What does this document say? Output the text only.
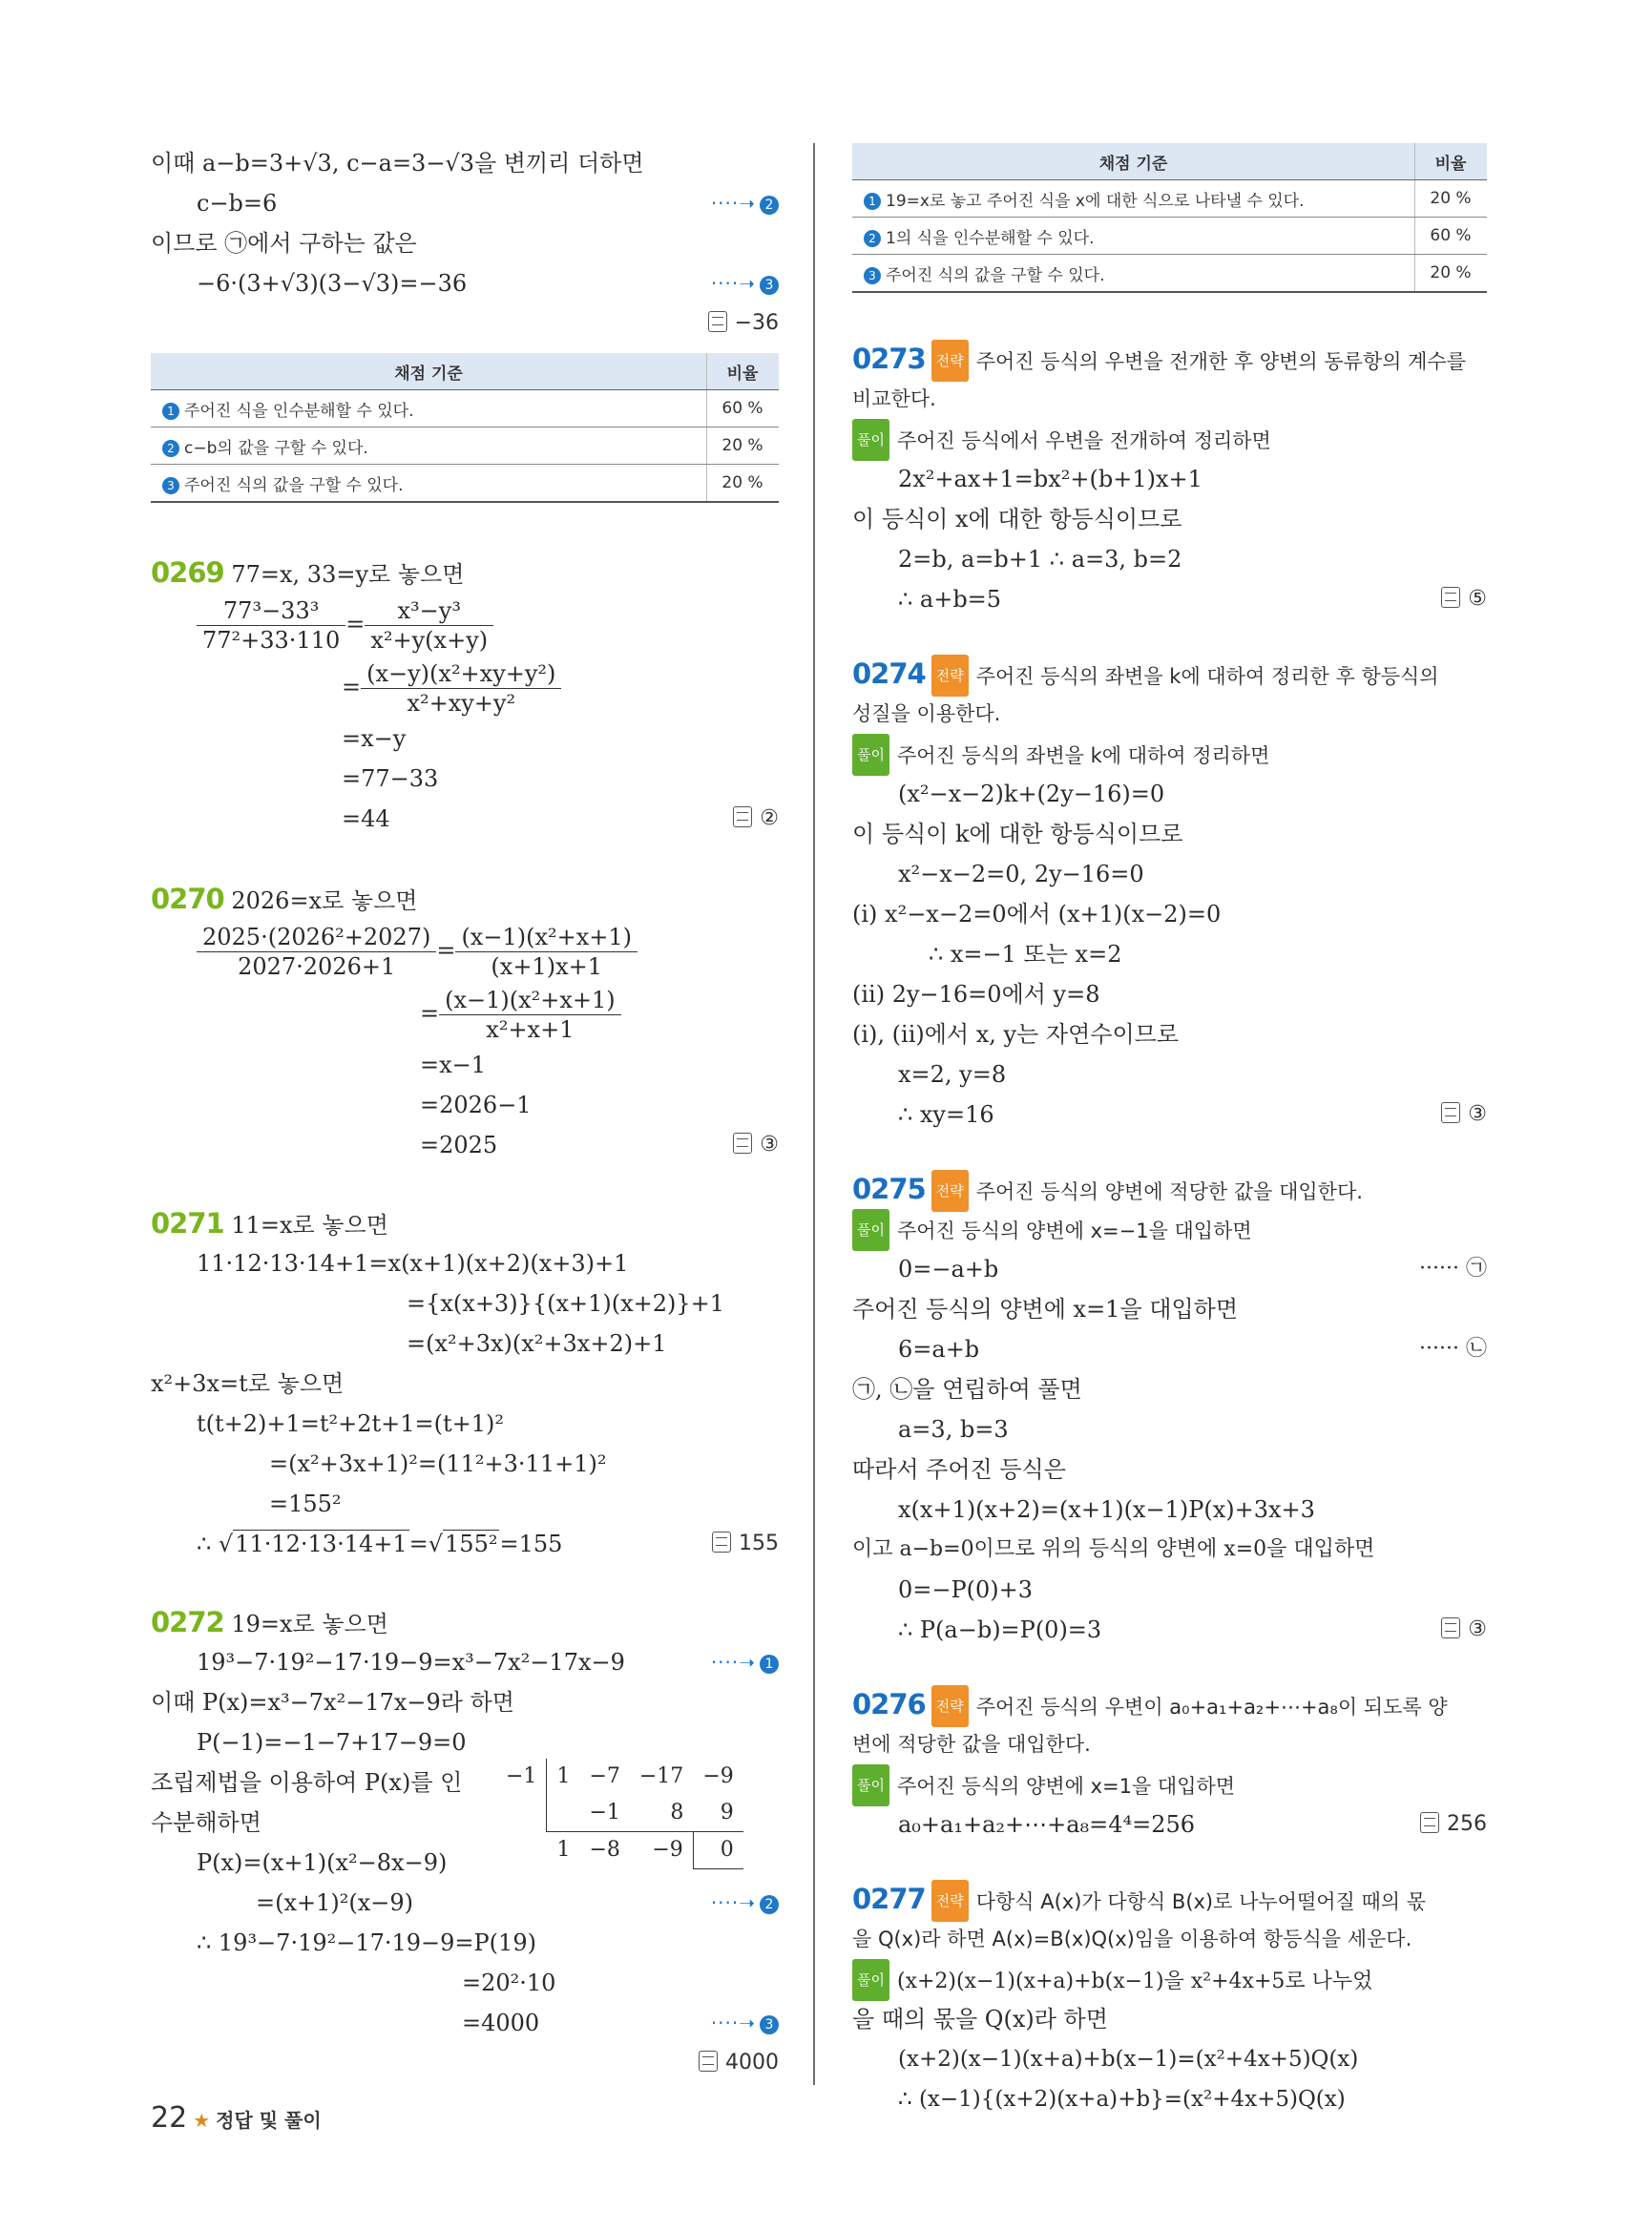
이때 a−b=3+√3, c−a=3−√3을 변끼리 더하면
c−b=6	····➝ 2
이므로 ㉠에서 구하는 값은
−6·(3+√3)(3−√3)=−36	····➝ 3
−36
채점 기준	비율
1 주어진 식을 인수분해할 수 있다.	60 %
2 c−b의 값을 구할 수 있다.	20 %
3 주어진 식의 값을 구할 수 있다.	20 %
0269 77=x, 33=y로 놓으면
$\frac{\text{77³−33³}}{\text{77²+33·110}} = \frac{\text{x³−y³}}{\text{x²+y(x+y)}}$
= $\frac{\text{(x−y)(x²+xy+y²)}}{\text{x²+xy+y²}}$
=x−y
=77−33
=44	②
0270 2026=x로 놓으면
$\frac{\text{2025·(2026²+2027)}}{2027\cdot 2026+1} = \frac{\text{(x−1)(x²+x+1)}}{(x+1)x+1}$
= $\frac{\text{(x−1)(x²+x+1)}}{\text{x²+x+1}}$
=x−1
=2026−1
=2025	③
0271 11=x로 놓으면
11·12·13·14+1=x(x+1)(x+2)(x+3)+1
={x(x+3)}{(x+1)(x+2)}+1
=(x²+3x)(x²+3x+2)+1
x²+3x=t로 놓으면
t(t+2)+1=t²+2t+1=(t+1)²
=(x²+3x+1)²=(11²+3·11+1)²
=155²
∴ √11·12·13·14+1=√155²=155	155
0272 19=x로 놓으면
19³−7·19²−17·19−9=x³−7x²−17x−9	····➝ 1
이때 P(x)=x³−7x²−17x−9라 하면
P(−1)=−1−7+17−9=0
조립제법을 이용하여 P(x)를 인
수분해하면
P(x)=(x+1)(x²−8x−9)
=(x+1)²(x−9)	····➝ 2
∴ 19³−7·19²−17·19−9=P(19)
=20²·10
=4000	····➝ 3
4000
−1	1	−7	−17	−9
		−1	8	9
	1	−8	−9	0
채점 기준	비율
1 19=x로 놓고 주어진 식을 x에 대한 식으로 나타낼 수 있다.	20 %
2 1의 식을 인수분해할 수 있다.	60 %
3 주어진 식의 값을 구할 수 있다.	20 %
0273 전략 주어진 등식의 우변을 전개한 후 양변의 동류항의 계수를
비교한다.
풀이 주어진 등식에서 우변을 전개하여 정리하면
2x²+ax+1=bx²+(b+1)x+1
이 등식이 x에 대한 항등식이므로
2=b, a=b+1 ∴ a=3, b=2
∴ a+b=5	⑤
0274 전략 주어진 등식의 좌변을 k에 대하여 정리한 후 항등식의
성질을 이용한다.
풀이 주어진 등식의 좌변을 k에 대하여 정리하면
(x²−x−2)k+(2y−16)=0
이 등식이 k에 대한 항등식이므로
x²−x−2=0, 2y−16=0
(i) x²−x−2=0에서 (x+1)(x−2)=0
∴ x=−1 또는 x=2
(ii) 2y−16=0에서 y=8
(i), (ii)에서 x, y는 자연수이므로
x=2, y=8
∴ xy=16	③
0275 전략 주어진 등식의 양변에 적당한 값을 대입한다.
풀이 주어진 등식의 양변에 x=−1을 대입하면
0=−a+b	······ ㉠
주어진 등식의 양변에 x=1을 대입하면
6=a+b	······ ㉡
㉠, ㉡을 연립하여 풀면
a=3, b=3
따라서 주어진 등식은
x(x+1)(x+2)=(x+1)(x−1)P(x)+3x+3
이고 a−b=0이므로 위의 등식의 양변에 x=0을 대입하면
0=−P(0)+3
∴ P(a−b)=P(0)=3	③
0276 전략 주어진 등식의 우변이 a₀+a₁+a₂+⋯+a₈이 되도록 양
변에 적당한 값을 대입한다.
풀이 주어진 등식의 양변에 x=1을 대입하면
a₀+a₁+a₂+⋯+a₈=4⁴=256	256
0277 전략 다항식 A(x)가 다항식 B(x)로 나누어떨어질 때의 몫
을 Q(x)라 하면 A(x)=B(x)Q(x)임을 이용하여 항등식을 세운다.
풀이 (x+2)(x−1)(x+a)+b(x−1)을 x²+4x+5로 나누었
을 때의 몫을 Q(x)라 하면
(x+2)(x−1)(x+a)+b(x−1)=(x²+4x+5)Q(x)
∴ (x−1){(x+2)(x+a)+b}=(x²+4x+5)Q(x)
22 ★ 정답 및 풀이
